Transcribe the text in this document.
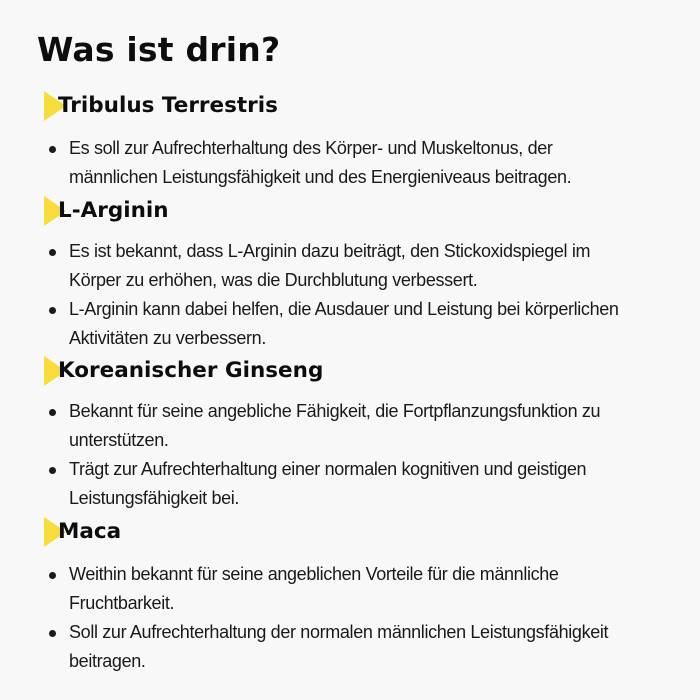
Was ist drin?
Tribulus Terrestris
Es soll zur Aufrechterhaltung des Körper- und Muskeltonus, der
männlichen Leistungsfähigkeit und des Energieniveaus beitragen.
L-Arginin
Es ist bekannt, dass L-Arginin dazu beiträgt, den Stickoxidspiegel im
Körper zu erhöhen, was die Durchblutung verbessert.
L-Arginin kann dabei helfen, die Ausdauer und Leistung bei körperlichen
Aktivitäten zu verbessern.
Koreanischer Ginseng
Bekannt für seine angebliche Fähigkeit, die Fortpflanzungsfunktion zu
unterstützen.
Trägt zur Aufrechterhaltung einer normalen kognitiven und geistigen
Leistungsfähigkeit bei.
Maca
Weithin bekannt für seine angeblichen Vorteile für die männliche
Fruchtbarkeit.
Soll zur Aufrechterhaltung der normalen männlichen Leistungsfähigkeit
beitragen.
